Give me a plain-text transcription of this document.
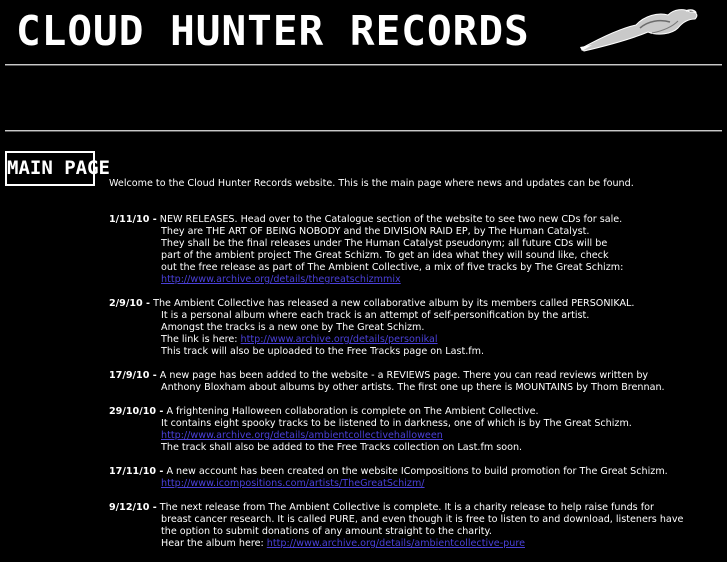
CLOUD HUNTER RECORDS
MAIN PAGE
Welcome to the Cloud Hunter Records website. This is the main page where news and updates can be found.
1/11/10 - NEW RELEASES. Head over to the Catalogue section of the website to see two new CDs for sale.
They are THE ART OF BEING NOBODY and the DIVISION RAID EP, by The Human Catalyst.
They shall be the final releases under The Human Catalyst pseudonym; all future CDs will be
part of the ambient project The Great Schizm. To get an idea what they will sound like, check
out the free release as part of The Ambient Collective, a mix of five tracks by The Great Schizm:
http://www.archive.org/details/thegreatschizmmix
2/9/10 - The Ambient Collective has released a new collaborative album by its members called PERSONIKAL.
It is a personal album where each track is an attempt of self-personification by the artist.
Amongst the tracks is a new one by The Great Schizm.
The link is here: http://www.archive.org/details/personikal
This track will also be uploaded to the Free Tracks page on Last.fm.
17/9/10 - A new page has been added to the website - a REVIEWS page. There you can read reviews written by
Anthony Bloxham about albums by other artists. The first one up there is MOUNTAINS by Thom Brennan.
29/10/10 - A frightening Halloween collaboration is complete on The Ambient Collective.
It contains eight spooky tracks to be listened to in darkness, one of which is by The Great Schizm.
http://www.archive.org/details/ambientcollectivehalloween
The track shall also be added to the Free Tracks collection on Last.fm soon.
17/11/10 - A new account has been created on the website ICompositions to build promotion for The Great Schizm.
http://www.icompositions.com/artists/TheGreatSchizm/
9/12/10 - The next release from The Ambient Collective is complete. It is a charity release to help raise funds for
breast cancer research. It is called PURE, and even though it is free to listen to and download, listeners have
the option to submit donations of any amount straight to the charity.
Hear the album here: http://www.archive.org/details/ambientcollective-pure
